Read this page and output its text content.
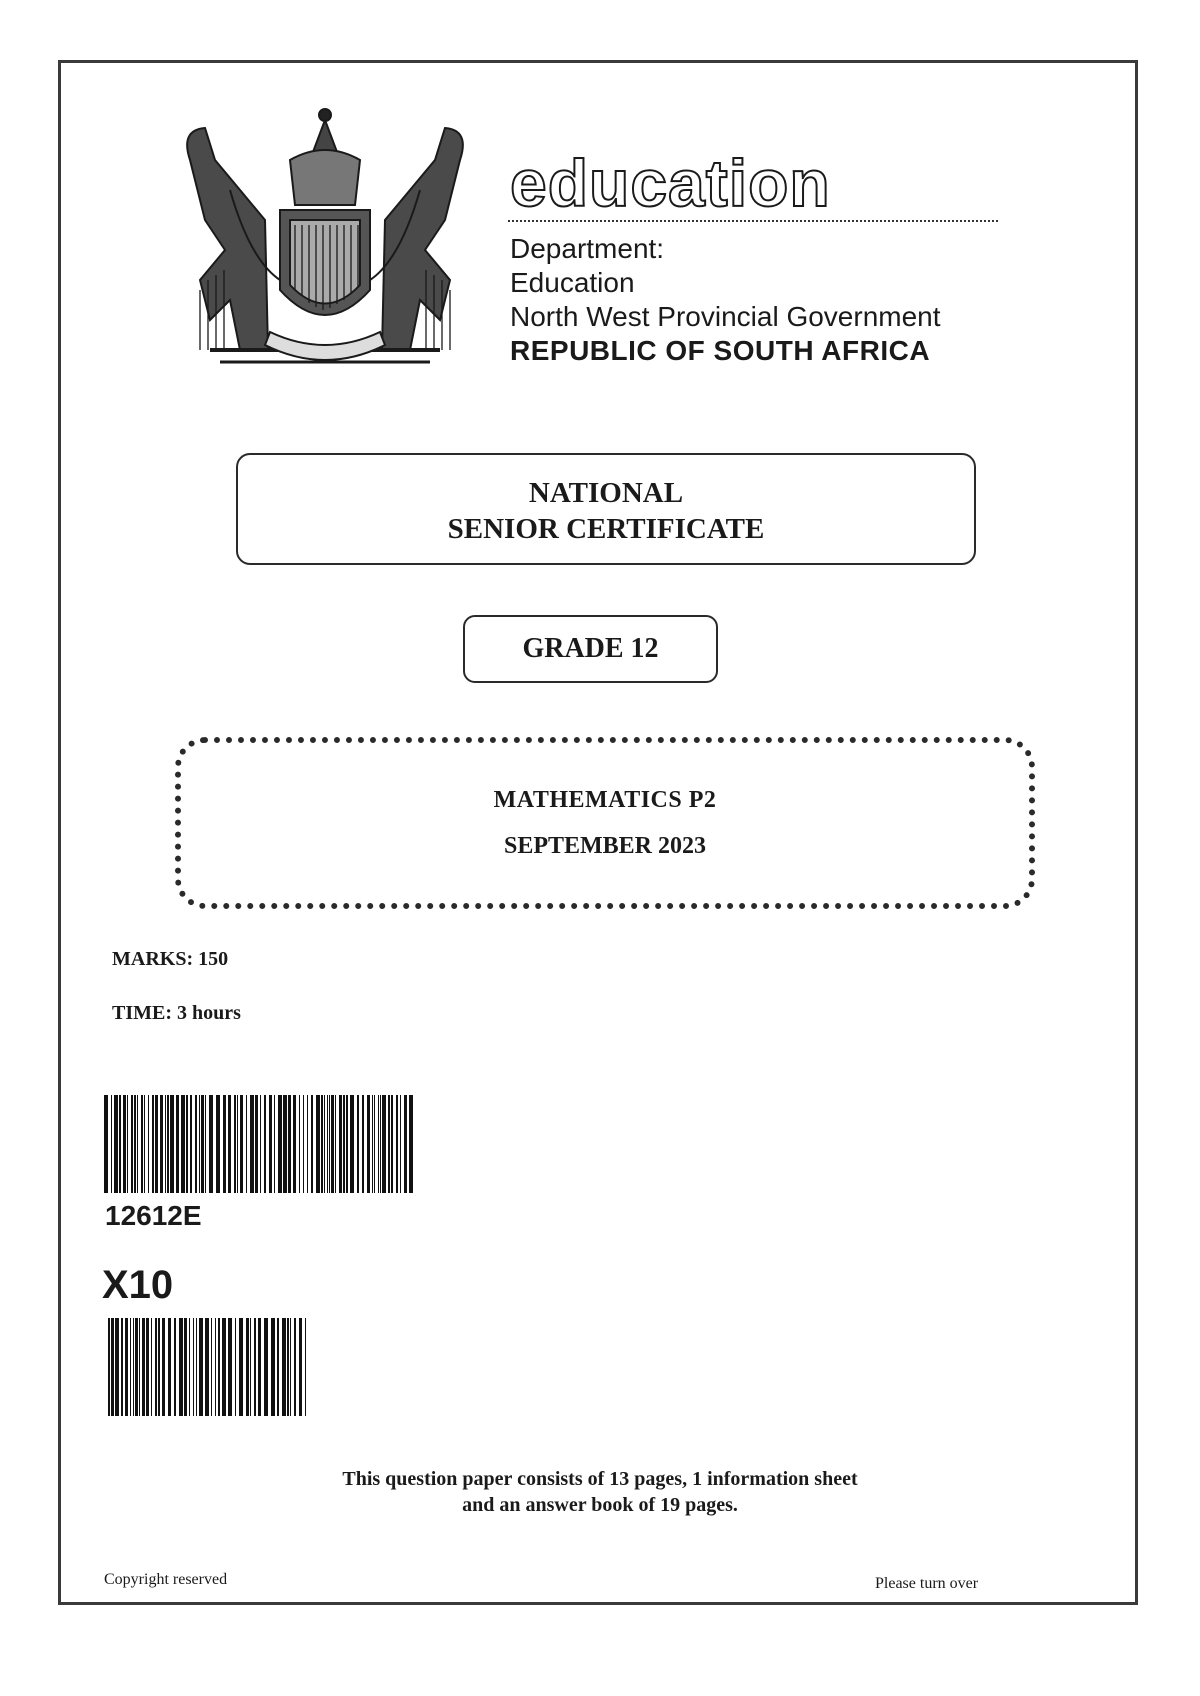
education
Department:
Education
North West Provincial Government
REPUBLIC OF SOUTH AFRICA
NATIONAL
SENIOR CERTIFICATE
GRADE 12
MATHEMATICS P2
SEPTEMBER 2023
MARKS: 150
TIME: 3 hours
12612E
X10
This question paper consists of 13 pages, 1 information sheet
and an answer book of 19 pages.
Copyright reserved	Please turn over
